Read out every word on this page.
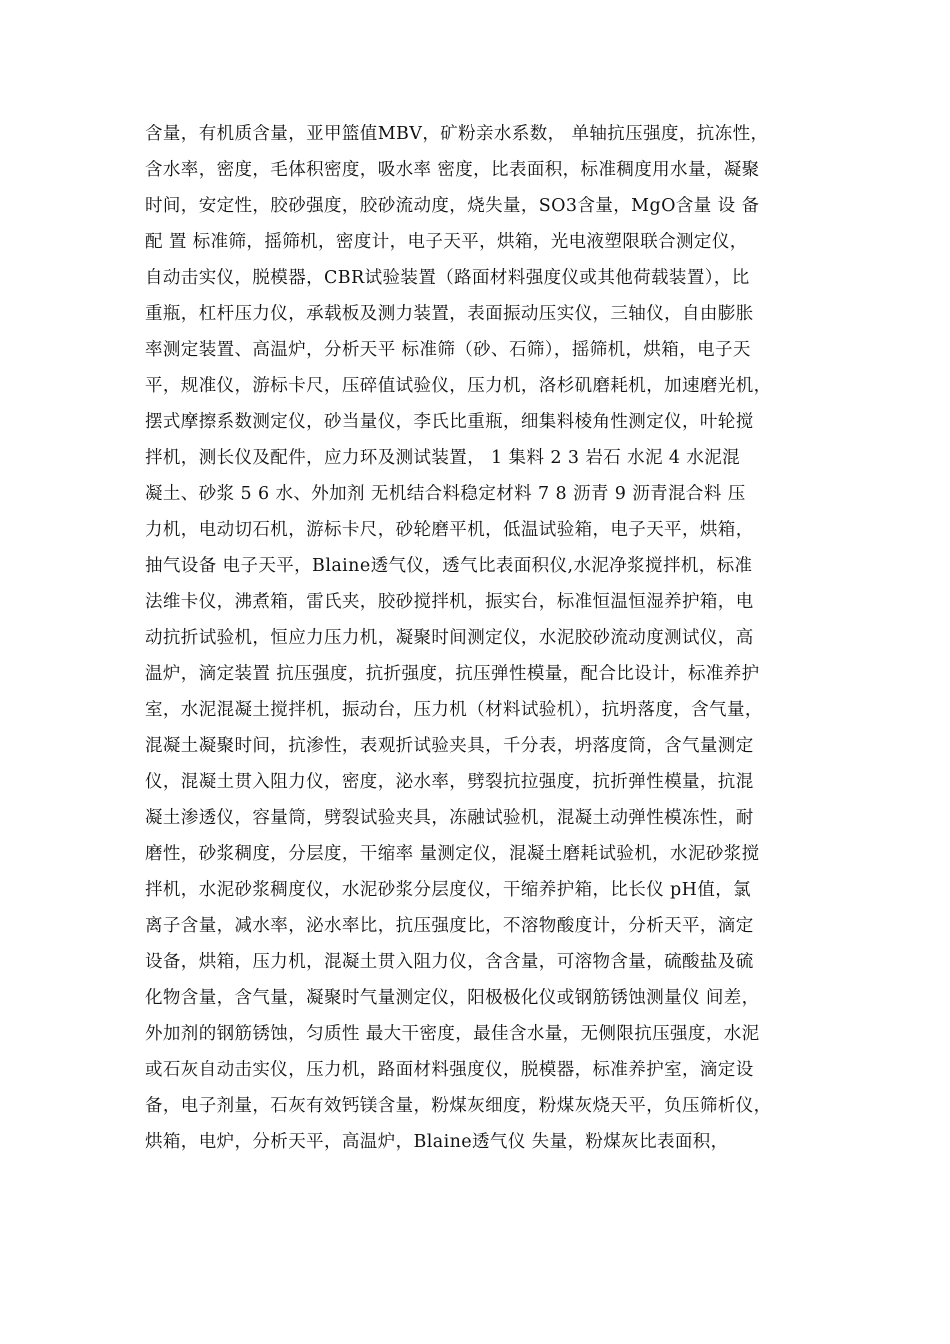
含量，有机质含量，亚甲篮值MBV，矿粉亲水系数， 单轴抗压强度，抗冻性，
含水率，密度，毛体积密度，吸水率 密度，比表面积，标准稠度用水量，凝聚
时间，安定性，胶砂强度，胶砂流动度，烧失量，SO3含量，MgO含量 设 备
配 置 标准筛，摇筛机，密度计，电子天平，烘箱，光电液塑限联合测定仪，
自动击实仪，脱模器，CBR试验装置（路面材料强度仪或其他荷载装置），比
重瓶，杠杆压力仪，承载板及测力装置，表面振动压实仪，三轴仪，自由膨胀
率测定装置、高温炉，分析天平 标准筛（砂、石筛），摇筛机，烘箱，电子天
平，规准仪，游标卡尺，压碎值试验仪，压力机，洛杉矶磨耗机，加速磨光机，
摆式摩擦系数测定仪，砂当量仪，李氏比重瓶，细集料棱角性测定仪，叶轮搅
拌机，测长仪及配件，应力环及测试装置， 1 集料 2 3 岩石 水泥 4 水泥混
凝土、砂浆 5 6 水、外加剂 无机结合料稳定材料 7 8 沥青 9 沥青混合料 压
力机，电动切石机，游标卡尺，砂轮磨平机，低温试验箱，电子天平，烘箱，
抽气设备 电子天平，Blaine透气仪，透气比表面积仪,水泥净浆搅拌机，标准
法维卡仪，沸煮箱，雷氏夹，胶砂搅拌机，振实台，标准恒温恒湿养护箱，电
动抗折试验机，恒应力压力机，凝聚时间测定仪，水泥胶砂流动度测试仪，高
温炉，滴定装置 抗压强度，抗折强度，抗压弹性模量，配合比设计，标准养护
室，水泥混凝土搅拌机，振动台，压力机（材料试验机），抗坍落度，含气量，
混凝土凝聚时间，抗渗性，表观折试验夹具，千分表，坍落度筒，含气量测定
仪，混凝土贯入阻力仪，密度，泌水率，劈裂抗拉强度，抗折弹性模量，抗混
凝土渗透仪，容量筒，劈裂试验夹具，冻融试验机，混凝土动弹性模冻性，耐
磨性，砂浆稠度，分层度，干缩率 量测定仪，混凝土磨耗试验机，水泥砂浆搅
拌机，水泥砂浆稠度仪，水泥砂浆分层度仪，干缩养护箱，比长仪 pH值，氯
离子含量，减水率，泌水率比，抗压强度比，不溶物酸度计，分析天平，滴定
设备，烘箱，压力机，混凝土贯入阻力仪，含含量，可溶物含量，硫酸盐及硫
化物含量，含气量，凝聚时气量测定仪，阳极极化仪或钢筋锈蚀测量仪 间差，
外加剂的钢筋锈蚀，匀质性 最大干密度，最佳含水量，无侧限抗压强度，水泥
或石灰自动击实仪，压力机，路面材料强度仪，脱模器，标准养护室，滴定设
备，电子剂量，石灰有效钙镁含量，粉煤灰细度，粉煤灰烧天平，负压筛析仪，
烘箱，电炉，分析天平，高温炉，Blaine透气仪 失量，粉煤灰比表面积，
